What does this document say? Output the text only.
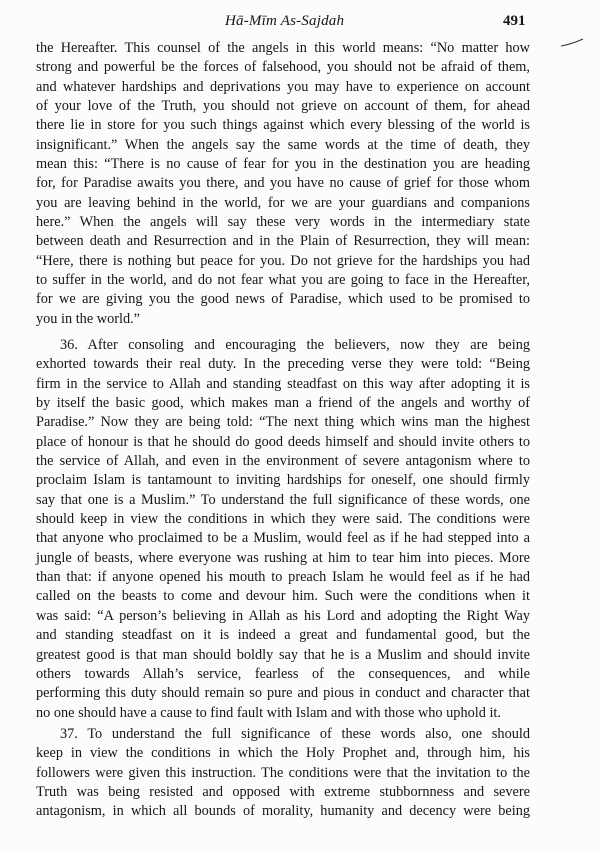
Hā-Mīm As-Sajdah	491
the Hereafter. This counsel of the angels in this world means: “No matter how
strong and powerful be the forces of falsehood, you should not be afraid of them,
and whatever hardships and deprivations you may have to experience on account
of your love of the Truth, you should not grieve on account of them, for ahead
there lie in store for you such things against which every blessing of the world is
insignificant.” When the angels say the same words at the time of death, they
mean this: “There is no cause of fear for you in the destination you are heading
for, for Paradise awaits you there, and you have no cause of grief for those whom
you are leaving behind in the world, for we are your guardians and companions
here.” When the angels will say these very words in the intermediary state
between death and Resurrection and in the Plain of Resurrection, they will mean:
“Here, there is nothing but peace for you. Do not grieve for the hardships you had
to suffer in the world, and do not fear what you are going to face in the Hereafter,
for we are giving you the good news of Paradise, which used to be promised to
you in the world.”
36. After consoling and encouraging the believers, now they are being
exhorted towards their real duty. In the preceding verse they were told: “Being
firm in the service to Allah and standing steadfast on this way after adopting it is
by itself the basic good, which makes man a friend of the angels and worthy of
Paradise.” Now they are being told: “The next thing which wins man the highest
place of honour is that he should do good deeds himself and should invite others to
the service of Allah, and even in the environment of severe antagonism where to
proclaim Islam is tantamount to inviting hardships for oneself, one should firmly
say that one is a Muslim.” To understand the full significance of these words, one
should keep in view the conditions in which they were said. The conditions were
that anyone who proclaimed to be a Muslim, would feel as if he had stepped into a
jungle of beasts, where everyone was rushing at him to tear him into pieces. More
than that: if anyone opened his mouth to preach Islam he would feel as if he had
called on the beasts to come and devour him. Such were the conditions when it
was said: “A person’s believing in Allah as his Lord and adopting the Right Way
and standing steadfast on it is indeed a great and fundamental good, but the
greatest good is that man should boldly say that he is a Muslim and should invite
others towards Allah’s service, fearless of the consequences, and while
performing this duty should remain so pure and pious in conduct and character that
no one should have a cause to find fault with Islam and with those who uphold it.
37. To understand the full significance of these words also, one should
keep in view the conditions in which the Holy Prophet and, through him, his
followers were given this instruction. The conditions were that the invitation to the
Truth was being resisted and opposed with extreme stubbornness and severe
antagonism, in which all bounds of morality, humanity and decency were being
